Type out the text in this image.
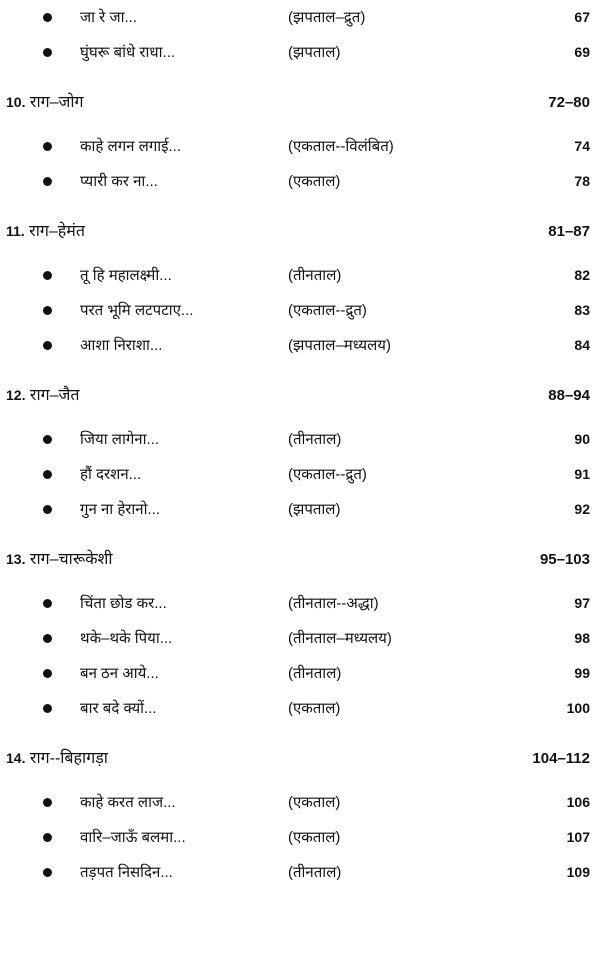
जा रे जा...	(झपताल–द्रुत)	67
घुंघरू बांधे राधा...	(झपताल)	69
10. राग–जोग	72–80
काहे लगन लगाई...	(एकताल--विलंबित)	74
प्यारी कर ना...	(एकताल)	78
11. राग–हेमंत	81–87
तू हि महालक्ष्मी...	(तीनताल)	82
परत भूमि लटपटाए...	(एकताल--द्रुत)	83
आशा निराशा...	(झपताल–मध्यलय)	84
12. राग–जैत	88–94
जिया लागेना...	(तीनताल)	90
हौं दरशन...	(एकताल--द्रुत)	91
गुन ना हेरानो...	(झपताल)	92
13. राग–चारूकेशी	95–103
चिंता छोड कर...	(तीनताल--अद्धा)	97
थके–थके पिया...	(तीनताल–मध्यलय)	98
बन ठन आये...	(तीनताल)	99
बार बदे क्यों...	(एकताल)	100
14. राग--बिहागड़ा	104–112
काहे करत लाज...	(एकताल)	106
वारि–जाऊँ बलमा...	(एकताल)	107
तड़पत निसदिन...	(तीनताल)	109
